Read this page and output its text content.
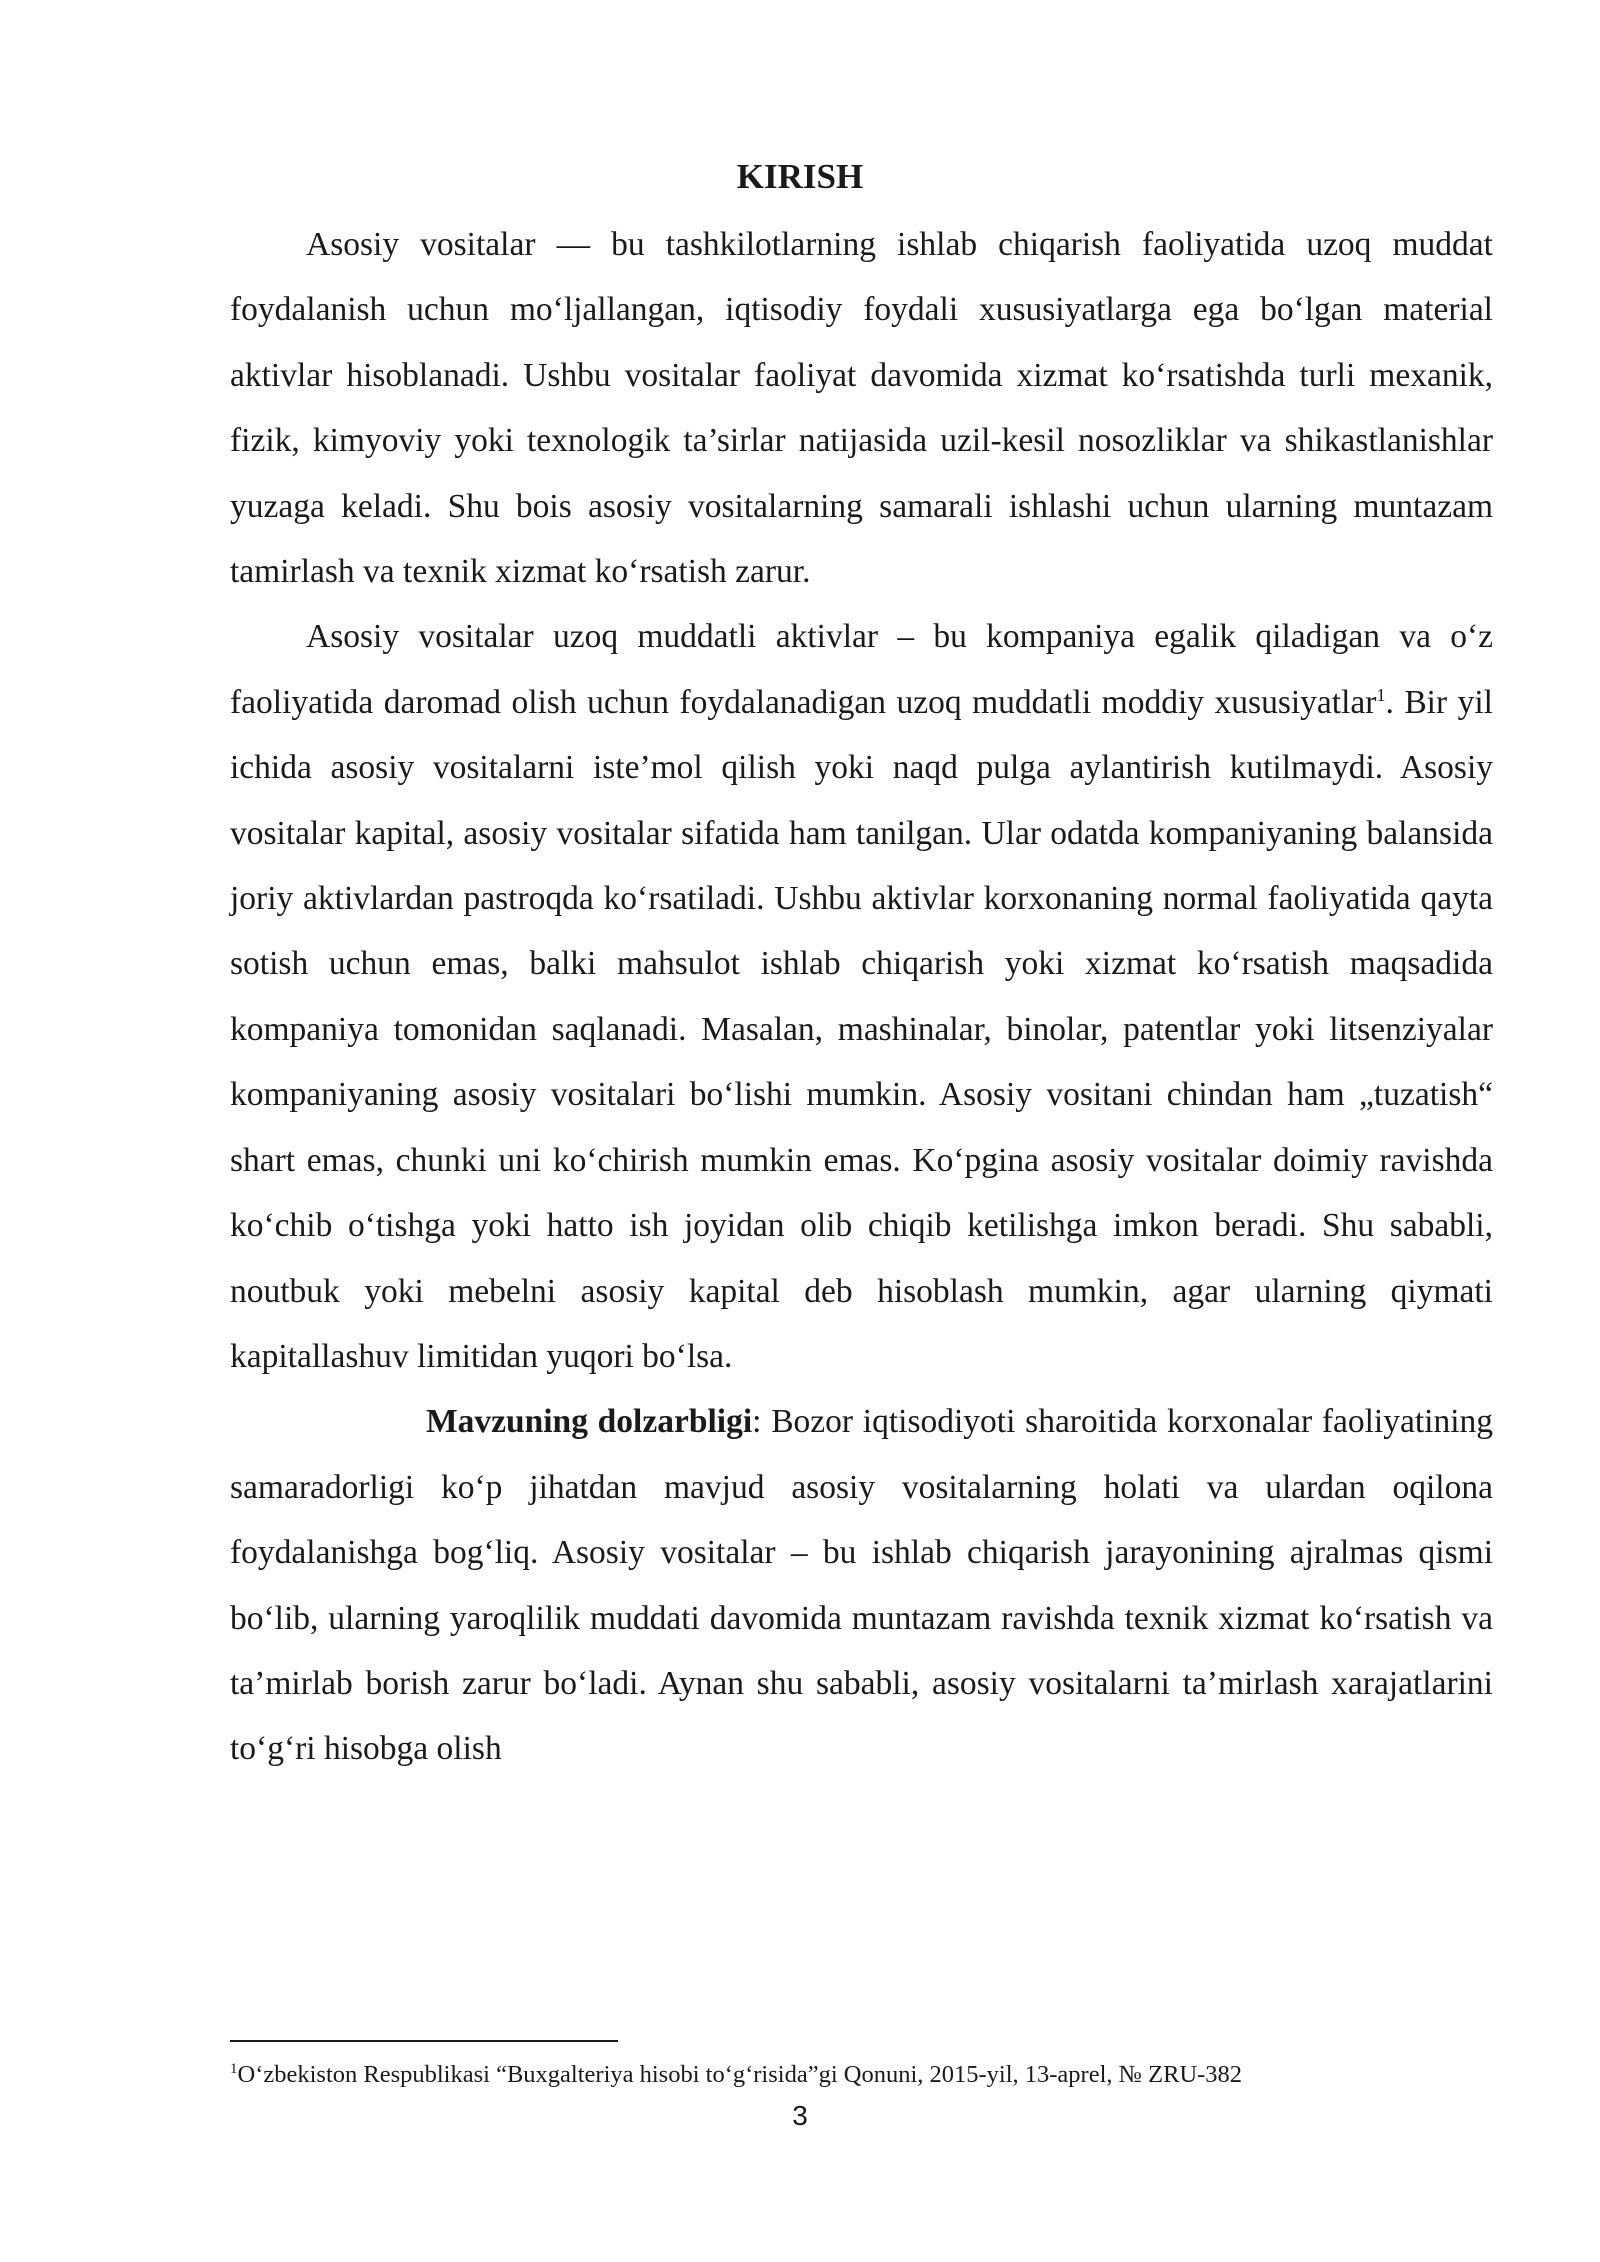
KIRISH

Asosiy vositalar — bu tashkilotlarning ishlab chiqarish faoliyatida uzoq muddat foydalanish uchun mo‘ljallangan, iqtisodiy foydali xususiyatlarga ega bo‘lgan material aktivlar hisoblanadi. Ushbu vositalar faoliyat davomida xizmat ko‘rsatishda turli mexanik, fizik, kimyoviy yoki texnologik ta’sirlar natijasida uzil-kesil nosozliklar va shikastlanishlar yuzaga keladi. Shu bois asosiy vositalarning samarali ishlashi uchun ularning muntazam tamirlash va texnik xizmat ko‘rsatish zarur.

Asosiy vositalar uzoq muddatli aktivlar – bu kompaniya egalik qiladigan va o‘z faoliyatida daromad olish uchun foydalanadigan uzoq muddatli moddiy xususiyatlar$^1$. Bir yil ichida asosiy vositalarni iste’mol qilish yoki naqd pulga aylantirish kutilmaydi. Asosiy vositalar kapital, asosiy vositalar sifatida ham tanilgan. Ular odatda kompaniyaning balansida joriy aktivlardan pastroqda ko‘rsatiladi. Ushbu aktivlar korxonaning normal faoliyatida qayta sotish uchun emas, balki mahsulot ishlab chiqarish yoki xizmat ko‘rsatish maqsadida kompaniya tomonidan saqlanadi. Masalan, mashinalar, binolar, patentlar yoki litsenziyalar kompaniyaning asosiy vositalari bo‘lishi mumkin. Asosiy vositani chindan ham „tuzatish“ shart emas, chunki uni ko‘chirish mumkin emas. Ko‘pgina asosiy vositalar doimiy ravishda ko‘chib o‘tishga yoki hatto ish joyidan olib chiqib ketilishga imkon beradi. Shu sababli, noutbuk yoki mebelni asosiy kapital deb hisoblash mumkin, agar ularning qiymati kapitallashuv limitidan yuqori bo‘lsa.

Mavzuning dolzarbligi: Bozor iqtisodiyoti sharoitida korxonalar faoliyatining samaradorligi ko‘p jihatdan mavjud asosiy vositalarning holati va ulardan oqilona foydalanishga bog‘liq. Asosiy vositalar – bu ishlab chiqarish jarayonining ajralmas qismi bo‘lib, ularning yaroqlilik muddati davomida muntazam ravishda texnik xizmat ko‘rsatish va ta’mirlab borish zarur bo‘ladi. Aynan shu sababli, asosiy vositalarni ta’mirlash xarajatlarini to‘g‘ri hisobga olish

$^1$O‘zbekiston Respublikasi “Buxgalteriya hisobi to‘g‘risida”gi Qonuni, 2015-yil, 13-aprel, № ZRU-382

3
